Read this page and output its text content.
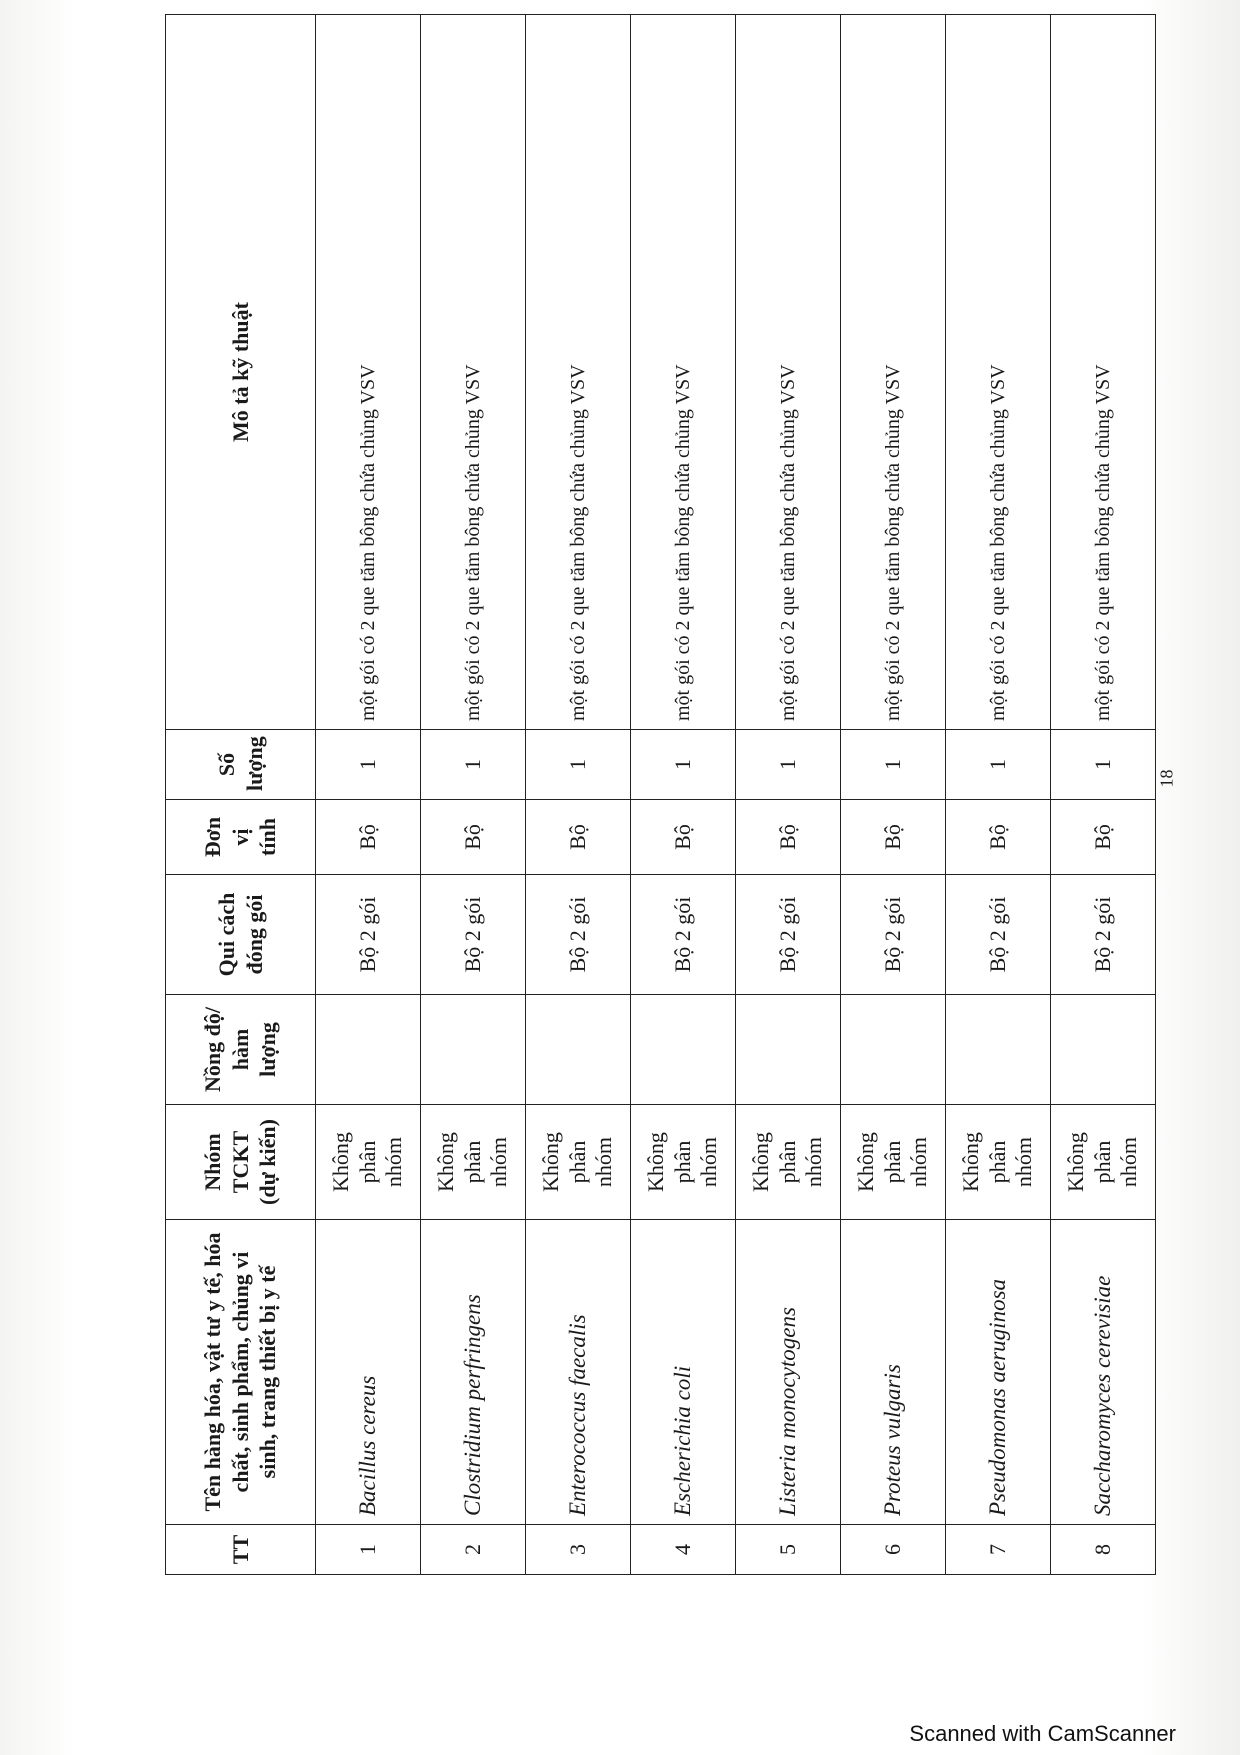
TT	Tên hàng hóa, vật tư y tế, hóa chất, sinh phẩm, chủng vi sinh, trang thiết bị y tế	Nhóm TCKT (dự kiến)	Nồng độ/ hàm lượng	Qui cách đóng gói	Đơn vị tính	Số lượng	Mô tả kỹ thuật
1	Bacillus cereus	Không phân nhóm		Bộ 2 gói	Bộ	1	một gói có 2 que tăm bông chứa chủng VSV
2	Clostridium perfringens	Không phân nhóm		Bộ 2 gói	Bộ	1	một gói có 2 que tăm bông chứa chủng VSV
3	Enterococcus faecalis	Không phân nhóm		Bộ 2 gói	Bộ	1	một gói có 2 que tăm bông chứa chủng VSV
4	Escherichia coli	Không phân nhóm		Bộ 2 gói	Bộ	1	một gói có 2 que tăm bông chứa chủng VSV
5	Listeria monocytogens	Không phân nhóm		Bộ 2 gói	Bộ	1	một gói có 2 que tăm bông chứa chủng VSV
6	Proteus vulgaris	Không phân nhóm		Bộ 2 gói	Bộ	1	một gói có 2 que tăm bông chứa chủng VSV
7	Pseudomonas aeruginosa	Không phân nhóm		Bộ 2 gói	Bộ	1	một gói có 2 que tăm bông chứa chủng VSV
8	Saccharomyces cerevisiae	Không phân nhóm		Bộ 2 gói	Bộ	1	một gói có 2 que tăm bông chứa chủng VSV
18
Scanned with CamScanner
